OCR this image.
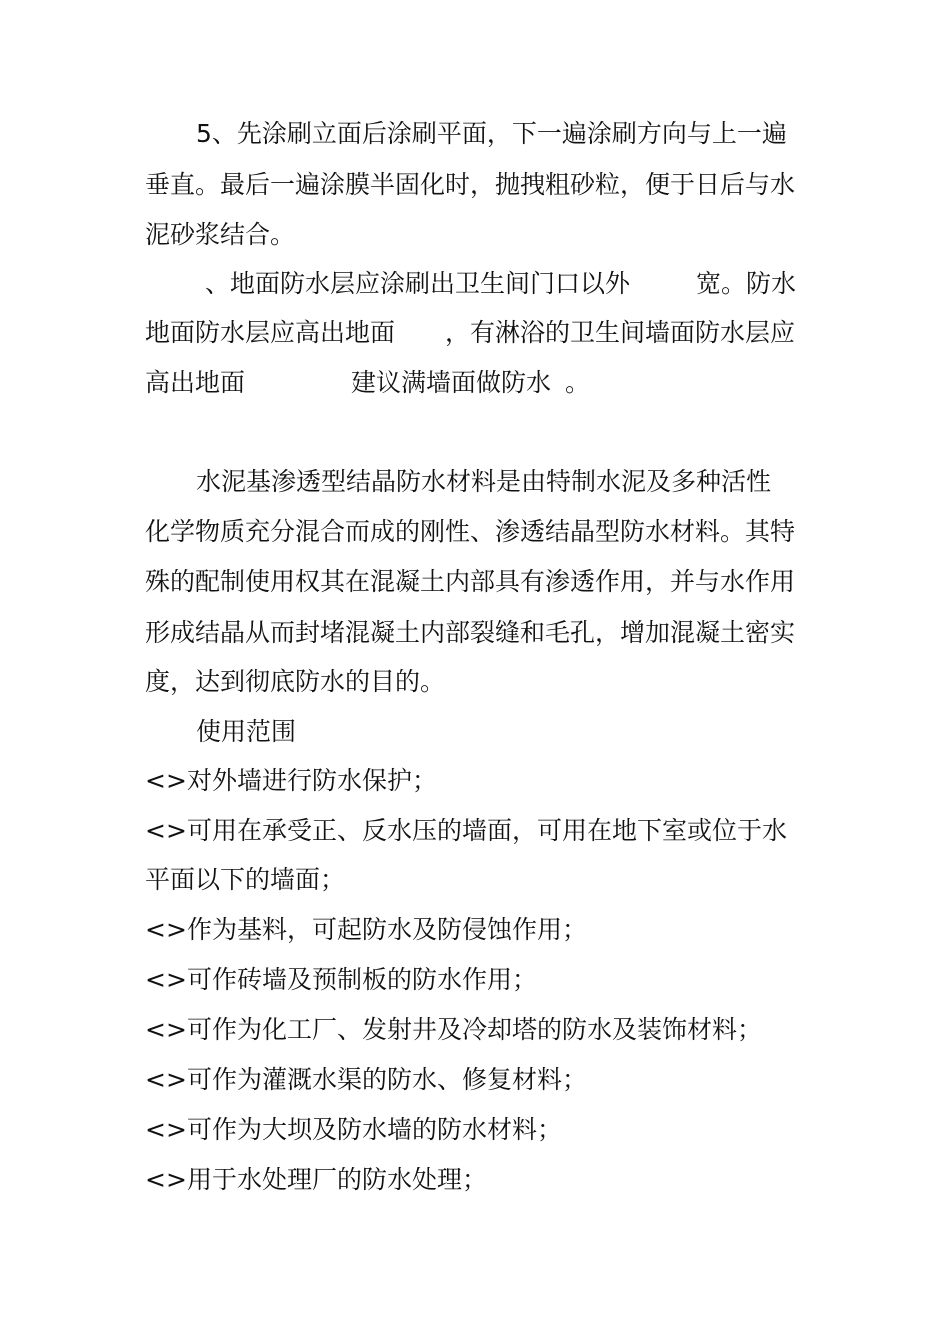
5、先涂刷立面后涂刷平面，下一遍涂刷方向与上一遍
垂直。最后一遍涂膜半固化时，抛拽粗砂粒，便于日后与水
泥砂浆结合。
、地面防水层应涂刷出卫生间门口以外	宽。防水
地面防水层应高出地面 ，有淋浴的卫生间墙面防水层应
高出地面	建议满墙面做防水 。
水泥基渗透型结晶防水材料是由特制水泥及多种活性
化学物质充分混合而成的刚性、渗透结晶型防水材料。其特
殊的配制使用权其在混凝土内部具有渗透作用，并与水作用
形成结晶从而封堵混凝土内部裂缝和毛孔，增加混凝土密实
度，达到彻底防水的目的。
使用范围
<>对外墙进行防水保护；
<>可用在承受正、反水压的墙面，可用在地下室或位于水
平面以下的墙面；
<>作为基料，可起防水及防侵蚀作用；
<>可作砖墙及预制板的防水作用；
<>可作为化工厂、发射井及冷却塔的防水及装饰材料；
<>可作为灌溉水渠的防水、修复材料；
<>可作为大坝及防水墙的防水材料；
<>用于水处理厂的防水处理；
